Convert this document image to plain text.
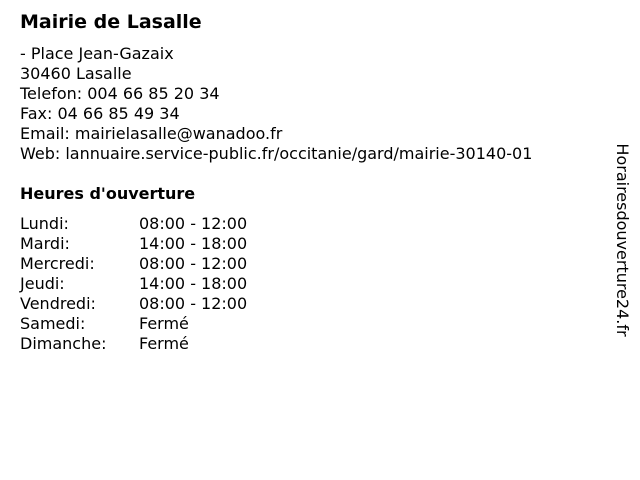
Mairie de Lasalle
- Place Jean-Gazaix
30460 Lasalle
Telefon: 004 66 85 20 34
Fax: 04 66 85 49 34
Email: mairielasalle@wanadoo.fr
Web: lannuaire.service-public.fr/occitanie/gard/mairie-30140-01
Heures d'ouverture
Lundi:	08:00 - 12:00
Mardi:	14:00 - 18:00
Mercredi:	08:00 - 12:00
Jeudi:	14:00 - 18:00
Vendredi:	08:00 - 12:00
Samedi:	Fermé
Dimanche: Fermé
Horairesdouverture24.fr
